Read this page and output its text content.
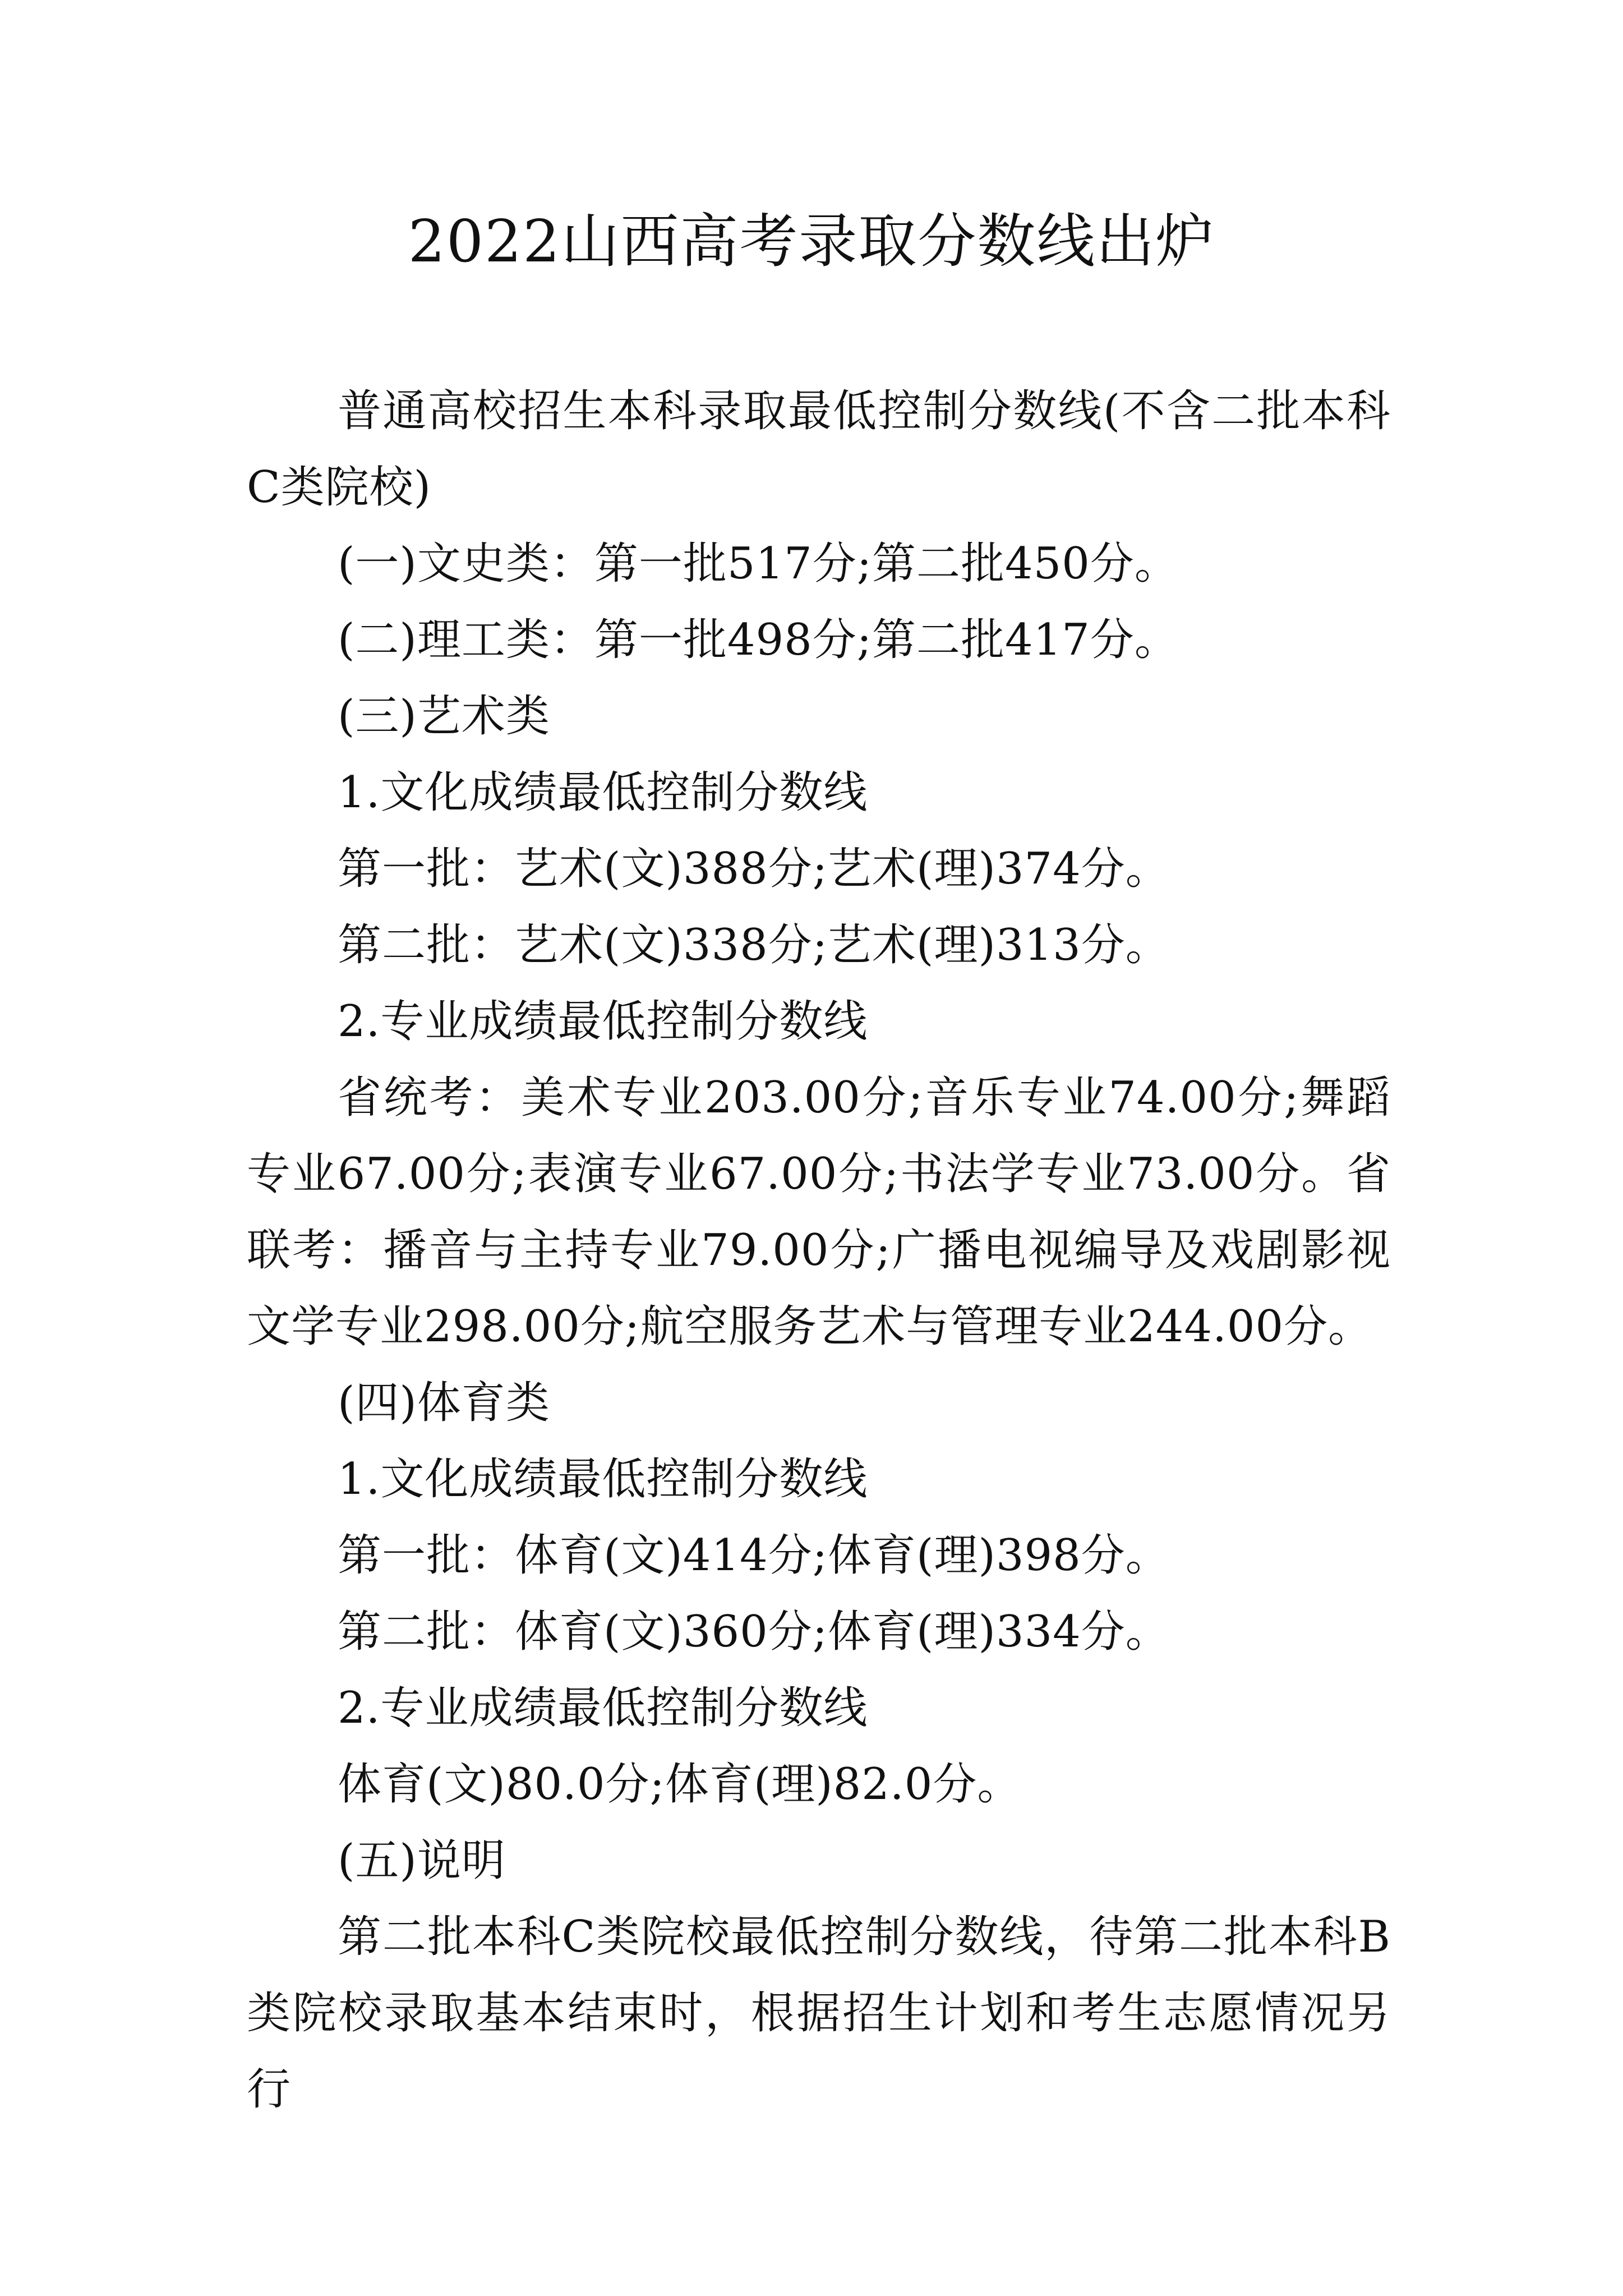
2022山西高考录取分数线出炉

普通高校招生本科录取最低控制分数线(不含二批本科C类院校)

(一)文史类：第一批517分;第二批450分。

(二)理工类：第一批498分;第二批417分。

(三)艺术类

1.文化成绩最低控制分数线

第一批：艺术(文)388分;艺术(理)374分。

第二批：艺术(文)338分;艺术(理)313分。

2.专业成绩最低控制分数线

省统考：美术专业203.00分;音乐专业74.00分;舞蹈专业67.00分;表演专业67.00分;书法学专业73.00分。省联考：播音与主持专业79.00分;广播电视编导及戏剧影视文学专业298.00分;航空服务艺术与管理专业244.00分。

(四)体育类

1.文化成绩最低控制分数线

第一批：体育(文)414分;体育(理)398分。

第二批：体育(文)360分;体育(理)334分。

2.专业成绩最低控制分数线

体育(文)80.0分;体育(理)82.0分。

(五)说明

第二批本科C类院校最低控制分数线，待第二批本科B类院校录取基本结束时，根据招生计划和考生志愿情况另行
